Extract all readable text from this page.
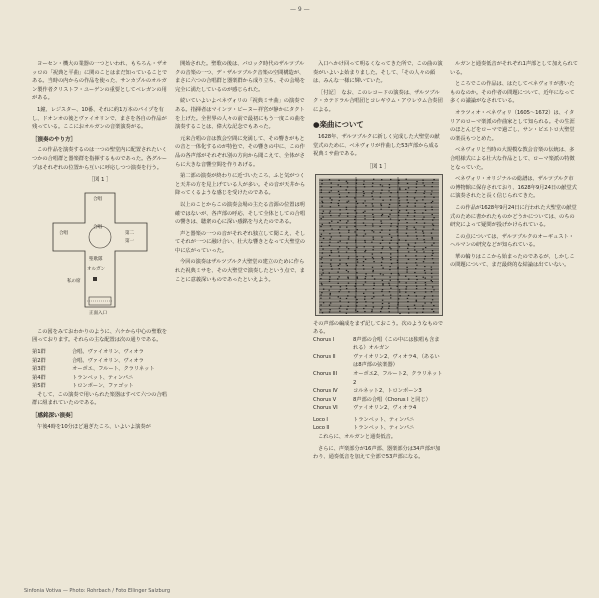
— 9 —

ヨーセン・機大の業器の一つといわれ、もちろん・ザオッロの「祝典と平曲」に関のことはまだ知っていることである。当時の内からの作品を使った、サンカプルのオルガン製作者クリストフ・ユーゲンの重要としてベレガンの用がある。

1鐘、レジスター、10番、それに約1万本のパイプを有し、ドオンオの後とヴァイオリンで、まさを各自の作品が残っている。ここにおオルガンの音楽演奏がる。

［演奏のやり方］

この作品を演奏するのは一つの聖堂内に配置されたいくつかの合唱群と器楽群を指揮するものであった。各グループはそれぞれの位置から互いに呼応しつつ演奏を行う。

［図 1 ］
合唱
合唱	第二
第一
合唱
聖歌隊
オルガン
私の席
正面入口

この図をみておわかりのように、六ケから中心の聖歌を囲っております。それらの主な配置は次の通りである。

第1群	合唱、ヴァイオリン、ヴィオラ
第2群	合唱、ヴァイオリン、ヴィオラ
第3群	オーボエ、フルート、クラリネット
第4群	トランペット、ティンパニ
第5群	トロンボーン、ファゴット

そして、この演奏で用いられた楽器はすべて六つの合唱群に組まれていたのである。

［感銘深い演奏］

午後4時を10分ほど過ぎたころ、いよいよ演奏が

開始された。聖歌の後は、バロック時代のザルツブルクの音楽の一つ、デ・ザルツブルク音楽の空間構造が、まさに六つの合唱群と器楽群から成り立ち、その会場を完全に満たしているのが感じられた。

続いていよいよベネヴォリの「祝典ミサ曲」の演奏である。指揮者はマインツ・ビーヌー祥宮が静かにタクトを上げた。全世界の人々の前で最初にもう一度この曲を演奏することは、偉大な記念でもあった。

元来合唱の音は教会空間に充満して、その響きがもとの音と一体化するのが特色で、その響きの中に、この作品の各声部がそれぞれ別の方向から聞こえて、全体がさらに大きな音響空間を作りあげる。

第二部の演奏が終わりに近づいたころ、ふと気がつくと天井の方を見上げている人が多い。その音が天井から降ってくるような感じを受けたのである。

以上のことからこの演奏会場の主たる音源の位置は明確ではないが、各声部の呼応、そして全体としての合唱の響きは、聴衆の心に深い感銘を与えたのである。

声と器楽の一つの音がそれぞれ独立して聞こえ、そしてそれが一つに融け合い、壮大な響きとなって大聖堂の中に広がっていった。

今回の演奏はザルツブルク大聖堂の建立のために作られた祝典ミサを、その大聖堂で演奏したという点で、まことに意義深いものであったといえよう。

入口へかけ回って明るくなってきた所で、この曲の演奏がいよいよ始まりました。そして、「その人々の顔は、みんな一様に輝いていた。

［付記］　なお、このレコードの演奏は、ザルツブルク・カテドラル合唱団とコレギウム・アウレウム合奏団による。

●楽曲について

1628年、ザルツブルクに新しく完成した大聖堂の献堂式のために、ベネヴォリが作曲した53声部から成る祝典ミサ曲である。

［図 1 ］
その声部の編成をまず記しておこう。次のようなものである。
Chorus I	8声部の合唱（この中には独唱も含まれる）オルガン
Chorus II	ヴァイオリン2、ヴィオラ4、（あるいは8声部の弦楽器）
Chorus III	オーボエ2、フルート2、クラリネット2
Chorus IV	コルネット2、トロンボーン3
Chorus V	8声部の合唱（Chorus I と同じ）
Chorus VI	ヴァイオリン2、ヴィオラ4
Loco I	トランペット、ティンパニ
Loco II	トランペット、ティンパニ

これらに、オルガンと通奏低音。

さらに、声楽部分が16声部、器楽部分は34声部が加わり、通奏低音を加えて全部で53声部になる。

ルガンと通奏低音がそれぞれ1声部として加えられている。

ところでこの作品は、はたしてベネヴォリが書いたものなのか。その作者の問題について、近年になって多くの議論がなされている。

オラツィオ・ベネヴォリ（1605〜1672）は、イタリアのローマ楽派の作曲家として知られる。その生涯のほとんどをローマで過ごし、サン・ピエトロ大聖堂の楽長もつとめた。

ベネヴォリと当時の大規模な教会音楽の伝統は、多合唱様式による壮大な作品として、ローマ楽派の特徴となっていた。

ベネヴォリ・オリジナルの総譜は、ザルツブルク市の博物館に保存されており、1628年9月24日の献堂式に演奏されたと長く信じられてきた。

この作品が1628年9月24日に行われた大聖堂の献堂式のために書かれたものかどうかについては、のちの研究によって疑問が投げかけられている。

この点については、ザルツブルクのオーギュスト・ヘルマンの研究などが知られている。

華の輪りはここから始まったのであるが、しかしこの問題について、まだ最終的な結論は出ていない。

Sinfonia Votiva — Photo: Rohrbach / Foto Ellinger Salzburg
